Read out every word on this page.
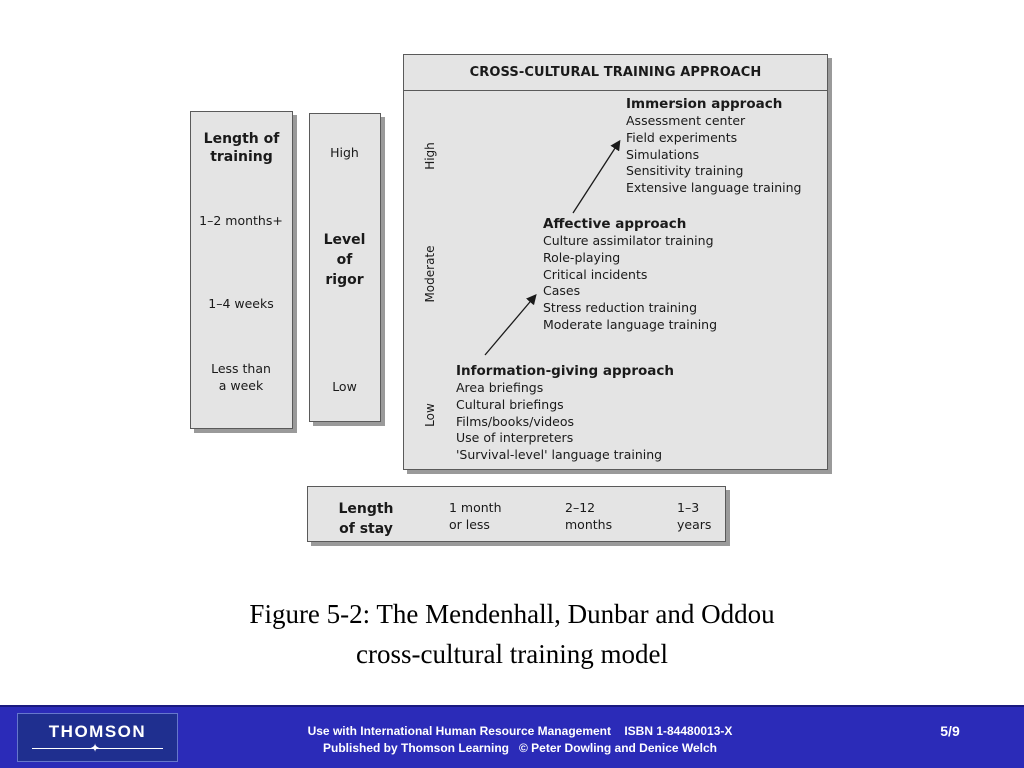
Length of training
1–2 months+
1–4 weeks
Less than a week
High
Level of rigor
Low
CROSS-CULTURAL TRAINING APPROACH
High
Moderate
Low
Immersion approach
Assessment center
Field experiments
Simulations
Sensitivity training
Extensive language training
Affective approach
Culture assimilator training
Role-playing
Critical incidents
Cases
Stress reduction training
Moderate language training
Information-giving approach
Area briefings
Cultural briefings
Films/books/videos
Use of interpreters
'Survival-level' language training
Length
of stay
1 month
or less
2–12
months
1–3
years
Figure 5-2: The Mendenhall, Dunbar and Oddou
cross-cultural training model
THOMSON
✦
Use with International Human Resource Management    ISBN 1-84480013-X
Published by Thomson Learning   © Peter Dowling and Denice Welch
5/9
